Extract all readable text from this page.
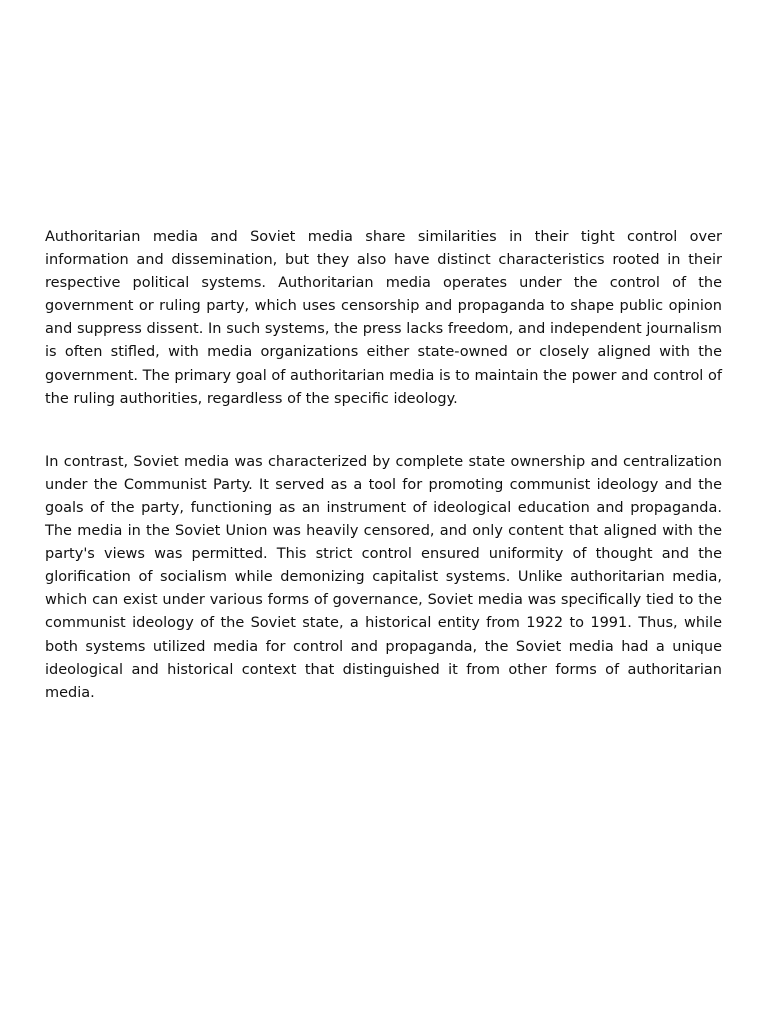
Authoritarian media and Soviet media share similarities in their tight control over information and dissemination, but they also have distinct characteristics rooted in their respective political systems. Authoritarian media operates under the control of the government or ruling party, which uses censorship and propaganda to shape public opinion and suppress dissent. In such systems, the press lacks freedom, and independent journalism is often stifled, with media organizations either state-owned or closely aligned with the government. The primary goal of authoritarian media is to maintain the power and control of the ruling authorities, regardless of the specific ideology.

In contrast, Soviet media was characterized by complete state ownership and centralization under the Communist Party. It served as a tool for promoting communist ideology and the goals of the party, functioning as an instrument of ideological education and propaganda. The media in the Soviet Union was heavily censored, and only content that aligned with the party's views was permitted. This strict control ensured uniformity of thought and the glorification of socialism while demonizing capitalist systems. Unlike authoritarian media, which can exist under various forms of governance, Soviet media was specifically tied to the communist ideology of the Soviet state, a historical entity from 1922 to 1991. Thus, while both systems utilized media for control and propaganda, the Soviet media had a unique ideological and historical context that distinguished it from other forms of authoritarian media.
